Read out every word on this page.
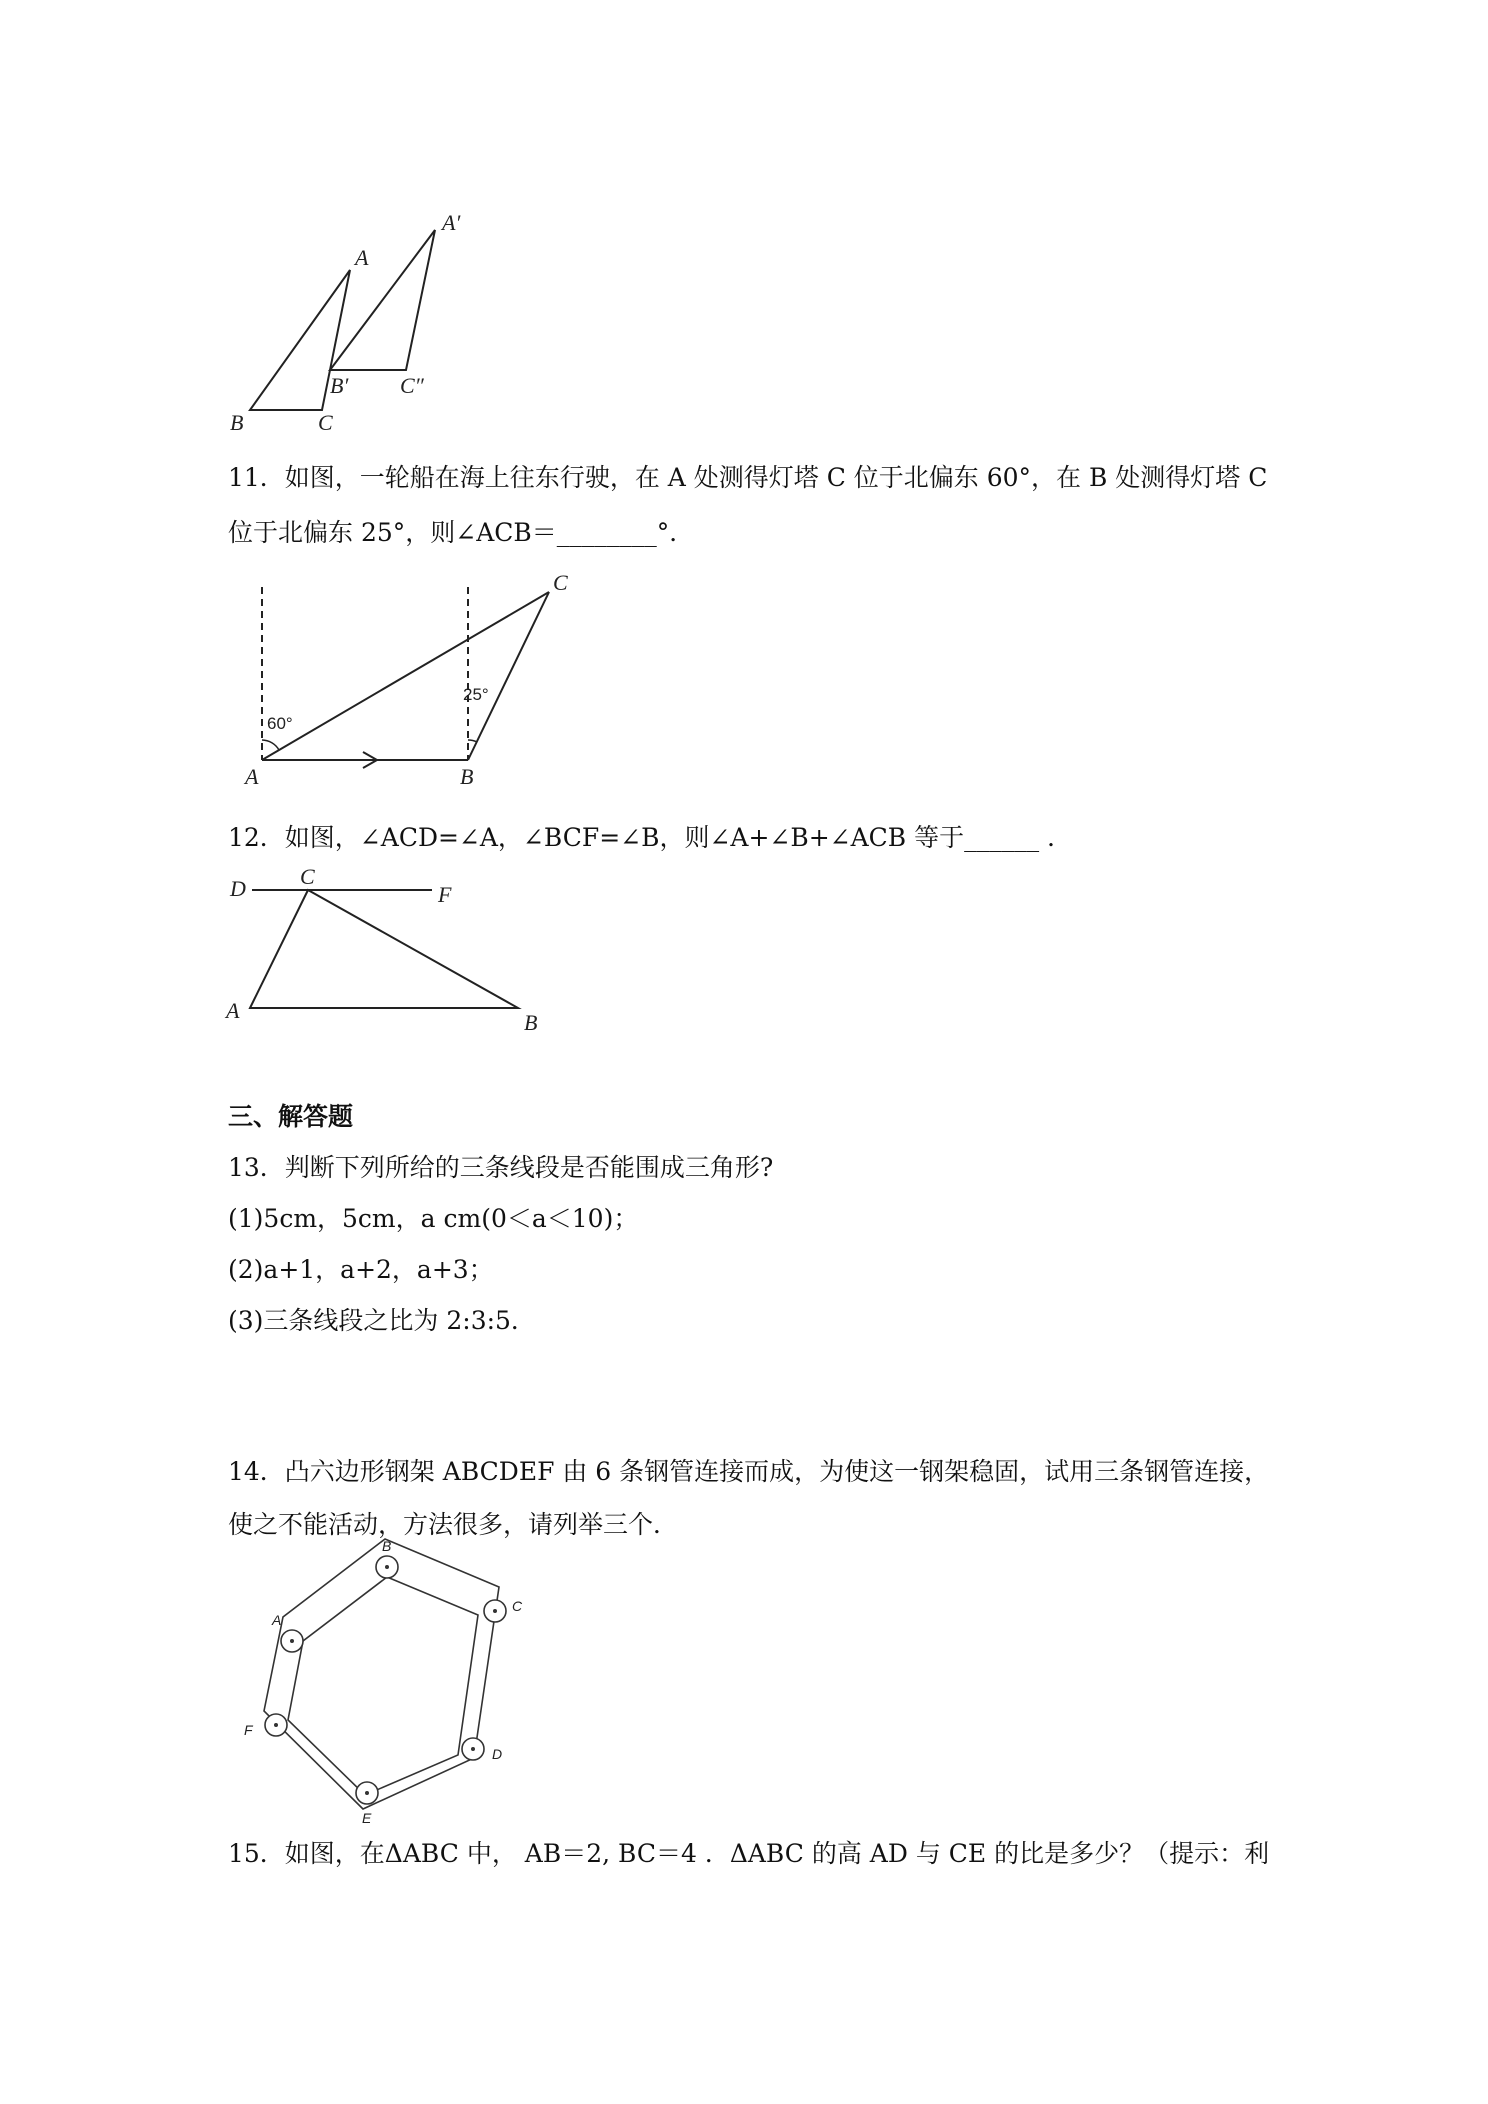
A
B	C
A′
B′ C″
11．如图，一轮船在海上往东行驶，在 A 处测得灯塔 C 位于北偏东 60°，在 B 处测得灯塔 C
位于北偏东 25°，则∠ACB＝________°．
60°
25°
A	B
C
12．如图，∠ACD=∠A，∠BCF=∠B，则∠A+∠B+∠ACB 等于______ ．
D C
F
A	B
三、解答题
13．判断下列所给的三条线段是否能围成三角形?
(1)5cm，5cm，a cm(0＜a＜10)；
(2)a+1，a+2，a+3；
(3)三条线段之比为 2:3:5．
14．凸六边形钢架 ABCDEF 由 6 条钢管连接而成，为使这一钢架稳固，试用三条钢管连接，
使之不能活动，方法很多，请列举三个．
B
C
D
E
F
A
15．如图，在ΔABC 中， AB＝2, BC＝4 ．ΔABC 的高 AD 与 CE 的比是多少？（提示：利
